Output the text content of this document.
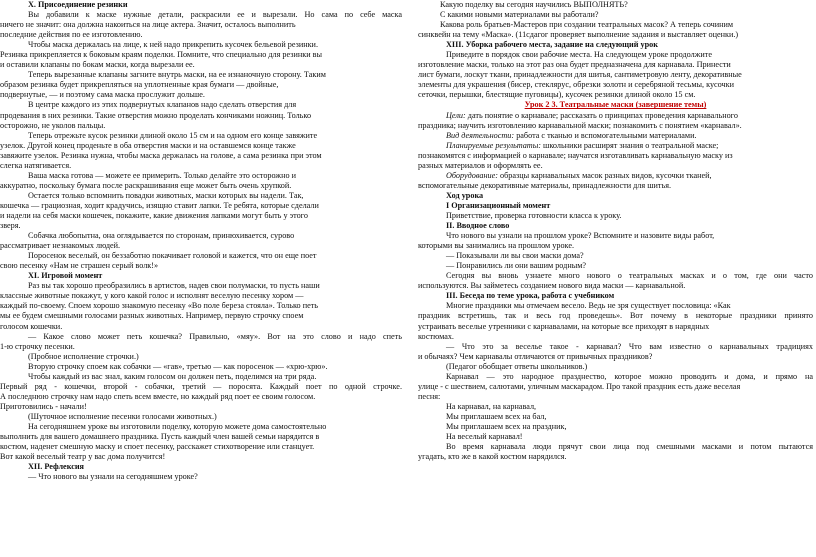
X. Присоединение резинки
Вы добавили к маске нужные детали, раскрасили ее и вырезали. Но сама по себе маска
ничего не значит: она должна накоиться на лице актера. Значит, осталось выполнить
последние действия по ее изготовлению.
Чтобы маска держалась на лице, к ней надо прикрепить кусочек бельевой резинки.
Резинка прикрепляется к боковым краям поделки. Помните, что специально для резинки вы
и оставили клапаны по бокам маски, когда вырезали ее.
Теперь вырезанные клапаны загните внутрь маски, на ее изнаночную сторону. Таким
образом резинка будет прикрепляться на уплотненные края бумаги — двойные,
подвернутые, — и поэтому сама маска прослужит дольше.
В центре каждого из этих подвернутых клапанов надо сделать отверстия для
продевания в них резинки. Такие отверстия можно проделать кончиками ножниц. Только
осторожно, не уколов пальцы.
Теперь отрежьте кусок резинки длиной около 15 см и на одном его конце завяжите
узелок. Другой конец проденьте в оба отверстия маски и на оставшемся конце также
завяжите узелок. Резинка нужна, чтобы маска держалась на голове, а сама резинка при этом
слегка натягивается.
Ваша маска готова — можете ее примерить. Только делайте это осторожно и
аккуратно, поскольку бумага после раскрашивания еще может быть очень хрупкой.
Остается только вспомнить повадки животных, маски которых вы надели. Так,
кошечка — грациозная, ходит крадучись, изящно ставит лапки. Те ребята, которые сделали
и надели на себя маски кошечек, покажите, какие движения лапками могут быть у этого
зверя.
Собачка любопытна, она оглядывается по сторонам, принюхивается, сурово
рассматривает незнакомых людей.
Поросенок веселый, он беззаботно покачивает головой и кажется, что он еще поет
свою песенку «Нам не страшен серый волк!»
XI. Игровой момент
Раз вы так хорошо преобразились в артистов, надев свои полумаски, то пусть наши
классные животные покажут, у кого какой голос и исполнят веселую песенку хором —
каждый по-своему. Споем хорошо знакомую песенку «Во поле береза стояла». Только петь
мы ее будем смешными голосами разных животных. Например, первую строчку споем
голосом кошечки.
— Какое слово может петь кошечка? Правильно, «мяу». Вот на это слово и надо спеть
1-ю строчку песенки.
(Пробное исполнение строчки.)
Вторую строчку споем как собачки — «гав», третью — как поросенок — «хрю-хрю».
Чтобы каждый из вас знал, каким голосом он должен петь, поделимся на три ряда.
Первый ряд - кошечки, второй - собачки, третий — поросята. Каждый поет по одной строчке.
А последнюю строчку нам надо спеть всем вместе, но каждый ряд поет ее своим голосом.
Приготовились - начали!
(Шуточное исполнение песенки голосами животных.)
На сегодняшнем уроке вы изготовили поделку, которую можете дома самостоятельно
выполнить для вашего домашнего праздника. Пусть каждый член вашей семьи нарядится в
костюм, наденет смешную маску и споет песенку, расскажет стихотворение или станцует.
Вот какой веселый театр у вас дома получится!
XII. Рефлексия
— Что нового вы узнали на сегодняшнем уроке?
Какую поделку вы сегодня научились ВЫПОЛНЯТЬ?
С какими новыми материалами вы работали?
Какова роль братьев-Мастеров при создании театральных масок? А теперь сочиним
синквейн на тему «Маска». (11сдагог проверяет выполнение задания и выставляет оценки.)
XIII. Уборка рабочего места, задание на следующий урок
Приведите в порядок свои рабочие места. На следующем уроке продолжите
изготовление маски, только на этот раз она будет предназначена для карнавала. Принести
лист бумаги, лоскут ткани, принадлежности для шитья, сантиметровую ленту, декоративные
элементы для украшения (бисер, стеклярус, обрезки золотн и серебряной тесьмы, кусочки
сеточки, перышки, блестящие пуговицы), кусочек резинки длиной около 15 см.
Урок 2 3. Театральные маски (завершение темы)
Цели: дать понятие о карнавале; рассказать о принципах проведения карнавального
праздника; научить изготовлению карнавальной маски; познакомить с понятием «карнавал».
Вид деятельности: работа с тканью и вспомогательными материалами.
Планируемые результаты: школьники расширят знания о театральной маске;
познакомятся с информацией о карнавале; научатся изготавливать карнавальную маску из
разных материалов и оформлять ее.
Оборудование: образцы карнавальных масок разных видов, кусочки тканей,
вспомогательные декоративные материалы, принадлежности для шитья.
Ход урока
I Организационный момент
Приветствие, проверка готовности класса к уроку.
II. Вводное слово
Что нового вы узнали на прошлом уроке? Вспомните и назовите виды работ,
которыми вы занимались на прошлом уроке.
— Показывали ли вы свои маски дома?
— Понравились ли они вашим родным?
Сегодня вы вновь узнаете много нового о театральных масках и о том, где они часто
используются. Вы займетесь созданием нового вида маски — карнавальной.
III. Беседа по теме урока, работа с учебником
Многие праздники мы отмечаем весело. Ведь не зря существует пословица: «Как
праздник встретишь, так и весь год проведешь». Вот почему в некоторые праздники принято
устраивать веселые утренники с карнавалами, на которые все приходят в нарядных
костюмах.
— Что это за веселье такое - карнавал? Что вам известно о карнавальных традициях
и обычаях? Чем карнавалы отличаются от привычных праздников?
(Педагог обобщает ответы школьников.)
Карнавал — это народное празднество, которое можно проводить и дома, и прямо на
улице - с шествием, салютами, уличным маскарадом. Про такой праздник есть даже веселая
песня:
На карнавал, на карнавал,
Мы приглашаем всех на бал,
Мы приглашаем всех на праздник,
На веселый карнавал!
Во время карнавала люди прячут свои лица под смешными масками и потом пытаются
угадать, кто же в какой костюм нарядился.
